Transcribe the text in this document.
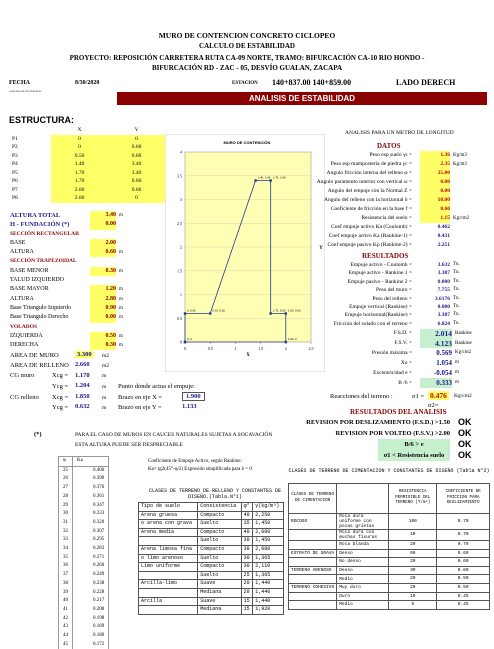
MURO DE CONTENCION CONCRETO CICLOPEO
CALCULO DE ESTABILIDAD
PROYECTO: REPOSICIÓN CARRETERA RUTA CA-09 NORTE, TRAMO: BIFURCACIÓN CA-10 RIO HONDO -
BIFURCACIÓN RD - ZAC - 05, DESVÍO GUALAN, ZACAPA
FECHA	8/30/2020	ESTACION 140+837.00 140+859.00	LADO DERECH
ANÁLISIS DE ESTABILIDAD
ANALISIS DE ESTABILIDAD
ESTRUCTURA:
	X	Y
P1	0	0
P2	0	0.60
P3	0.50	0.60
P4	1.40	3.40
P5	1.70	3.40
P6	1.70	0.60
P7	2.00	0.60
P8	2.00	0
ALTURA TOTAL	3.40 m
H - FUNDACIÓN (*)	0.00
SECCIÓN RECTANGULAR
BASE	2.00
ALTURA	0.60 m
SECCIÓN TRAPEZOIDAL
BASE MENOR	0.30 m
TALUD IZQUIERDO
BASE MAYOR	1.20 m
ALTURA	2.80 m
Base Triangulo Izquierdo	0.90 m
Base Triangulo Derecho	0.00 m
VOLADOS
IZQUIERDA	0.50 m
DERECHA	0.30 m
MURO DE CONTENCIÓN
0	0.5	1	1.5	2	2.5
0
0.5
1
1.5
2
2.5
3
3.5
4
0, 0
0, 0.60	0.50, 0.60
1.40, 3.40 1.70, 3.40
1.70, 0.60 2.00, 0.60
2.00, 0
X
Y
ANALISIS PARA UN METRO DE LONGITUD
DATOS
Peso esp suelo γs =	1.36 Kg/m3
Peso esp mampostería de piedra γc =	2.35 Kg/m3
Angulo fricción interna del relleno φ =	25.00
Angulo paramento interior con vertical ω =	0.00
Angulo del empuje con la Normal Z =	0.00
Angulo del relleno con la horizontal δ =	10.00
Coeficiente de fricción en la base f =	0.60
Resistencia del suelo =	1.15 Kg/cm2
Coef empuje activo Ka (Coulomb) =	0.462
Coef empuje activo Ka (Rankine-1) =	0.431
Coef empuje pasivo Kp (Rankine-2) =	2.251
RESULTADOS
Empuje activo - Coulomb =	3.632 Tn.
Empuje activo - Rankine 1 =	3.387 Tn.
Empuje pasivo - Rankine 2 =	0.000 Tn.
Peso del muro =	7.755 Tn.
Peso del relleno =	3.6176 Tn.
Empuje vertical (Rankine) =	0.000 Tn.
Empuje horizontal(Rankine) =	3.387 Tn.
Fricción del solado con el terreno =	6.824 Tn.
F.S.D. =	2.014 Rankine
F.S.V. =	4.123 Rankine
Presión máxima =	0.569 Kg/cm2
Xo =	1.054 m
Excentricidad e =	-0.054 m
B /6 =	0.333 m
AREA DE MURO	3.300	m2
AREA DE RELLENO 2.660 m2
CG muro	Xcg = 1.178 m
Ycg = 1.204 m Punto donde actua el empuje:
CG relleno Xcg = 1.850 m Brazo en eje X =	1.900
Ycg = 0.632 m Brazo en eje Y =	1.133
Reacciones del terreno :	σ1 = 0.476	Kg/cm2
σ2=
RESULTADOS DEL ANALISIS
REVISION POR DESLIZAMIENTO (F.S.D.) >1.50 OK
REVISION POR VOLTEO (F.S.V.) >2.00 OK
B/6 > e	OK
σ1 < Resistencia suelo	OK
(*)	PARA EL CASO DE MUROS EN CAUCES NATURALES SUJETAS A SOCAVACIÓN
ESTA ALTURA PUEDE SER DESPRECIABLE
φ	Ka
25	0.406
26	0.390
27	0.376
28	0.361
29	0.347
30	0.333
31	0.320
32	0.307
33	0.295
34	0.283
35	0.271
36	0.260
37	0.249
38	0.238
39	0.228
40	0.217
41	0.208
42	0.198
43	0.189
44	0.180
45	0.172
Coeficiente de Empuje Activo, según Rankine:
Ka= tg2(45°-φ/2) Expresión simplificada para δ = 0
CLASES DE TERRENO DE RELLENO Y CONSTANTES DE DISEÑO.(Tabla.N°1)
Tipo de suelo	Consistencia	φ°	γ(kg/m³)
Arena gruesa	Compacto	40	2,250
o arena con grava	Suelto	35	1,450
Arena media	Compacto	40	2,080
	Suelto	30	1,450
Arena limosa fina	Compacto	30	2,080
o limo arenoso	Suelto	30	1,365
Limo uniforme	Compacto	30	2,110
	Suelto	25	1,365
Arcilla-limo	Suave	20	1,440
	Mediana	20	1,440
Arcilla	Suave	15	1,440
	Mediana	15	1,920
CLASES DE TERRENO DE CIMENTACION Y CONSTANTES DE DISEÑO (Tabla N°2)
CLASES DE TERRENO DE CIMENTACION		RESISTENCIA PERMISIBLE DEL TERRENO (T/m²)	COEFICIENTE DE FRICCION PARA DESLIZAMIENTO
ROCOSO	Roca dura uniforme con pocas grietas	100	0.70
	Roca dura con muchas fisuras	10	0.70
	Roca blanda	20	0.70
ESTRATO DE GRAVA	Denso	60	0.60
	No denso	20	0.60
TERRENO ARENOSO	Denso	30	0.60
	Medio	20	0.50
TERRENO COHESIVO	Muy duro	20	0.50
	Duro	10	0.45
	Medio	5	0.45
